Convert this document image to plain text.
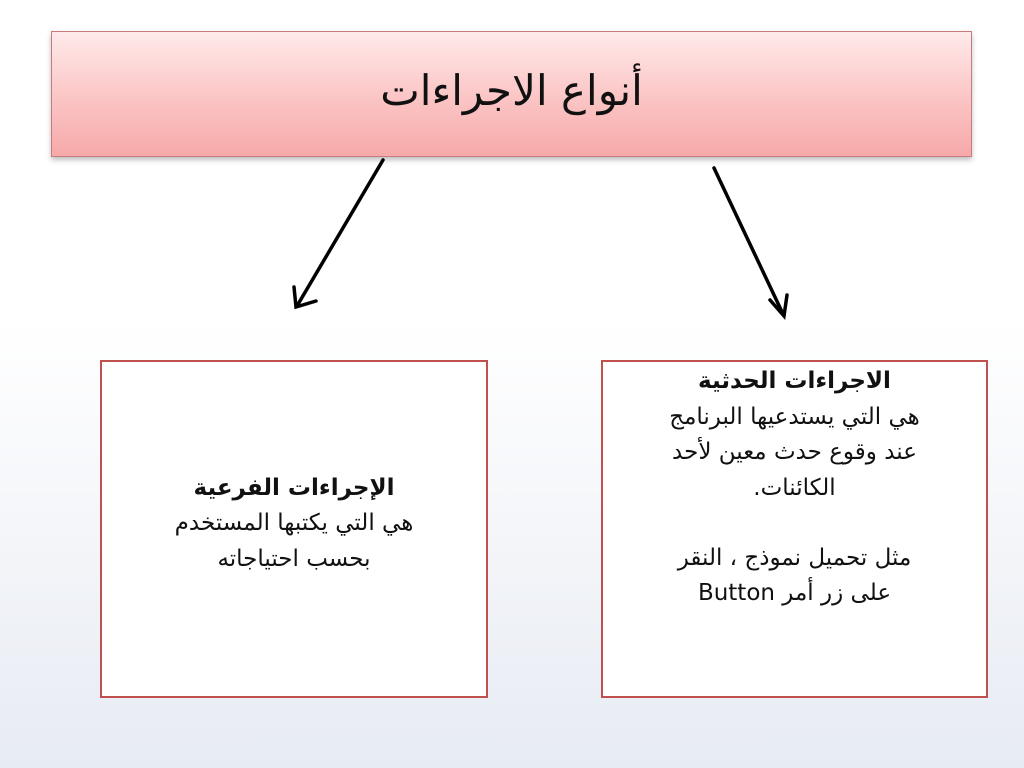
أنواع الاجراءات
الإجراءات الفرعية
هي التي يكتبها المستخدم
بحسب احتياجاته
الاجراءات الحدثية
هي التي يستدعيها البرنامج
عند وقوع حدث معين لأحد
الكائنات.
مثل تحميل نموذج ، النقر
على زر أمر Button
